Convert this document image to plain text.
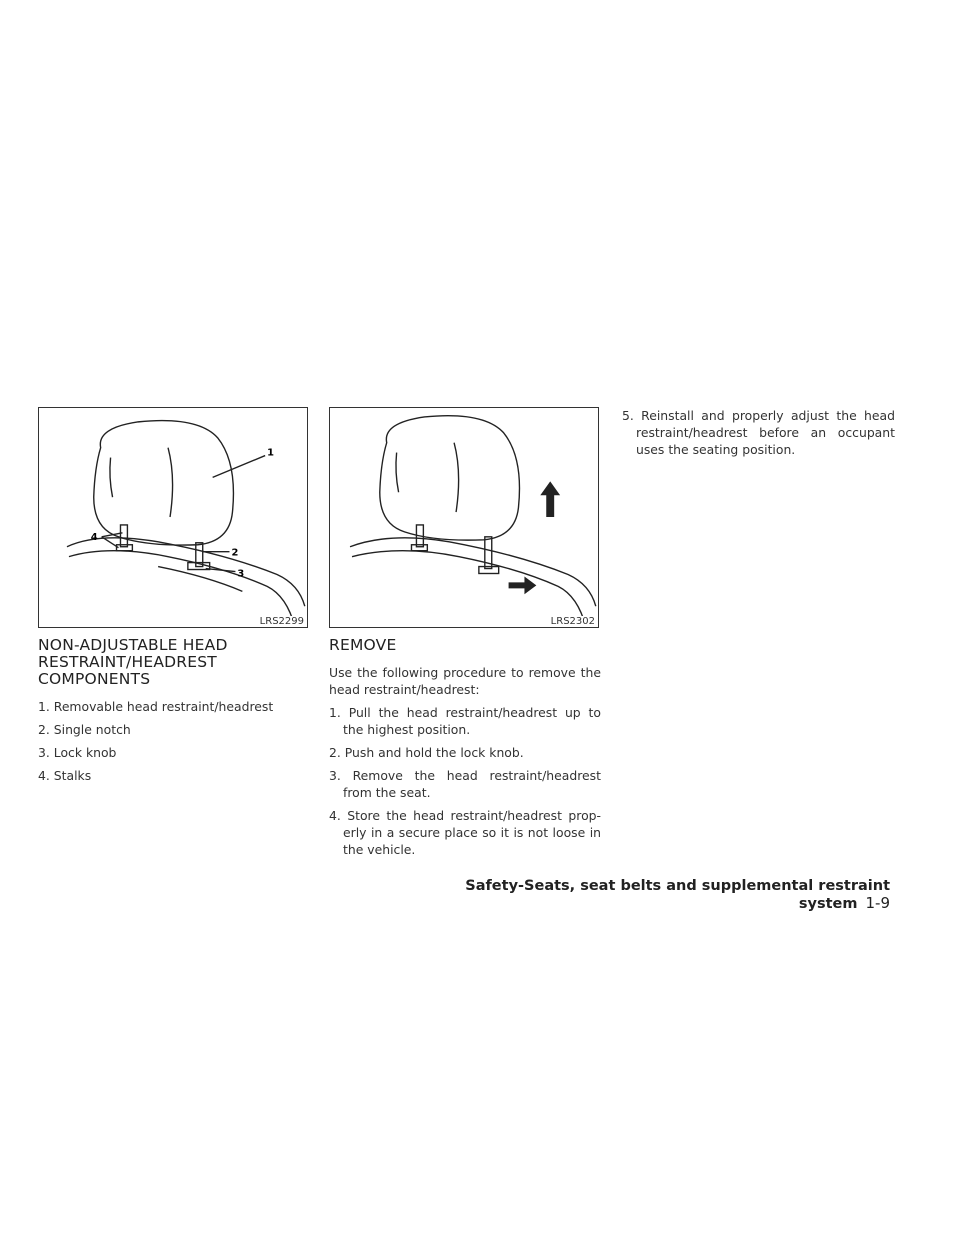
1
2
3
4
LRS2299	LRS2302
NON-ADJUSTABLE HEAD RESTRAINT/HEADREST COMPONENTS

1. Removable head restraint/headrest

2. Single notch

3. Lock knob

4. Stalks

REMOVE

Use the following procedure to remove the head restraint/headrest:

1. Pull the head restraint/headrest up to the highest position.

2. Push and hold the lock knob.

3. Remove the head restraint/headrest from the seat.

4. Store the head restraint/headrest prop-erly in a secure place so it is not loose in the vehicle.

5. Reinstall and properly adjust the head restraint/headrest before an occupant uses the seating position.

Safety-Seats, seat belts and supplemental restraint system 1-9
